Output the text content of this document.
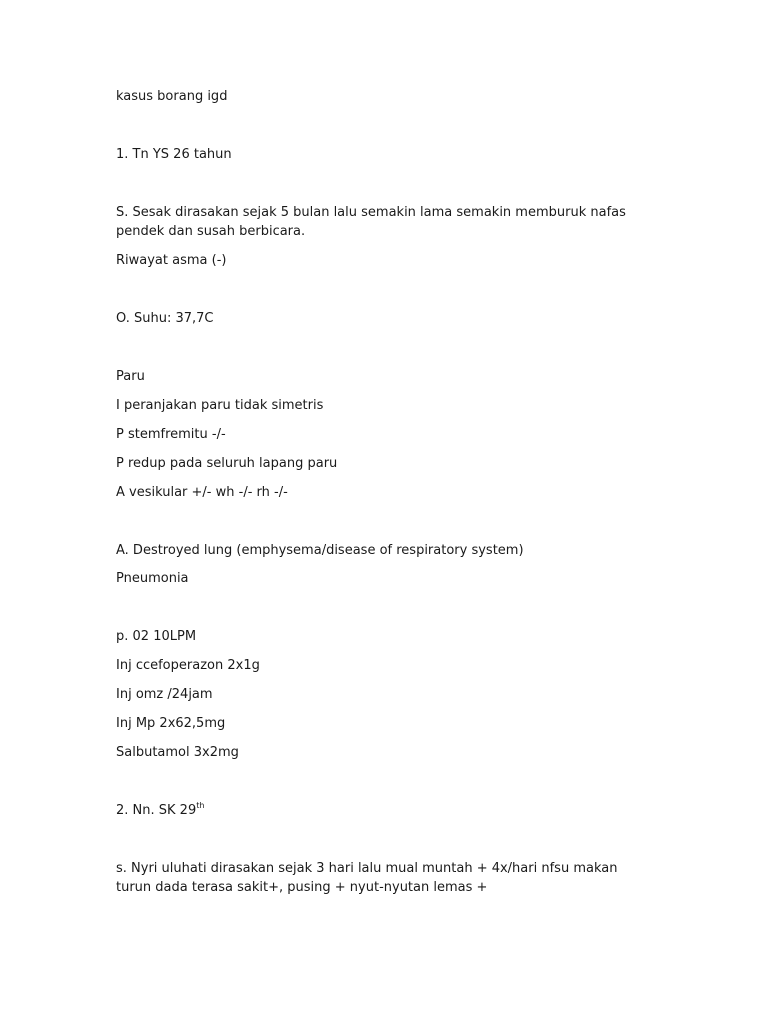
kasus borang igd
1. Tn YS 26 tahun
S. Sesak dirasakan sejak 5 bulan lalu semakin lama semakin memburuk nafas pendek dan susah berbicara.
Riwayat asma (-)
O. Suhu: 37,7C
Paru
I peranjakan paru tidak simetris
P stemfremitu -/-
P redup pada seluruh lapang paru
A vesikular +/- wh -/- rh -/-
A. Destroyed lung (emphysema/disease of respiratory system)
Pneumonia
p. 02 10LPM
Inj ccefoperazon 2x1g
Inj omz /24jam
Inj Mp 2x62,5mg
Salbutamol 3x2mg
2. Nn. SK 29th
s. Nyri uluhati dirasakan sejak 3 hari lalu mual muntah + 4x/hari nfsu makan turun dada terasa sakit+, pusing + nyut-nyutan lemas +
